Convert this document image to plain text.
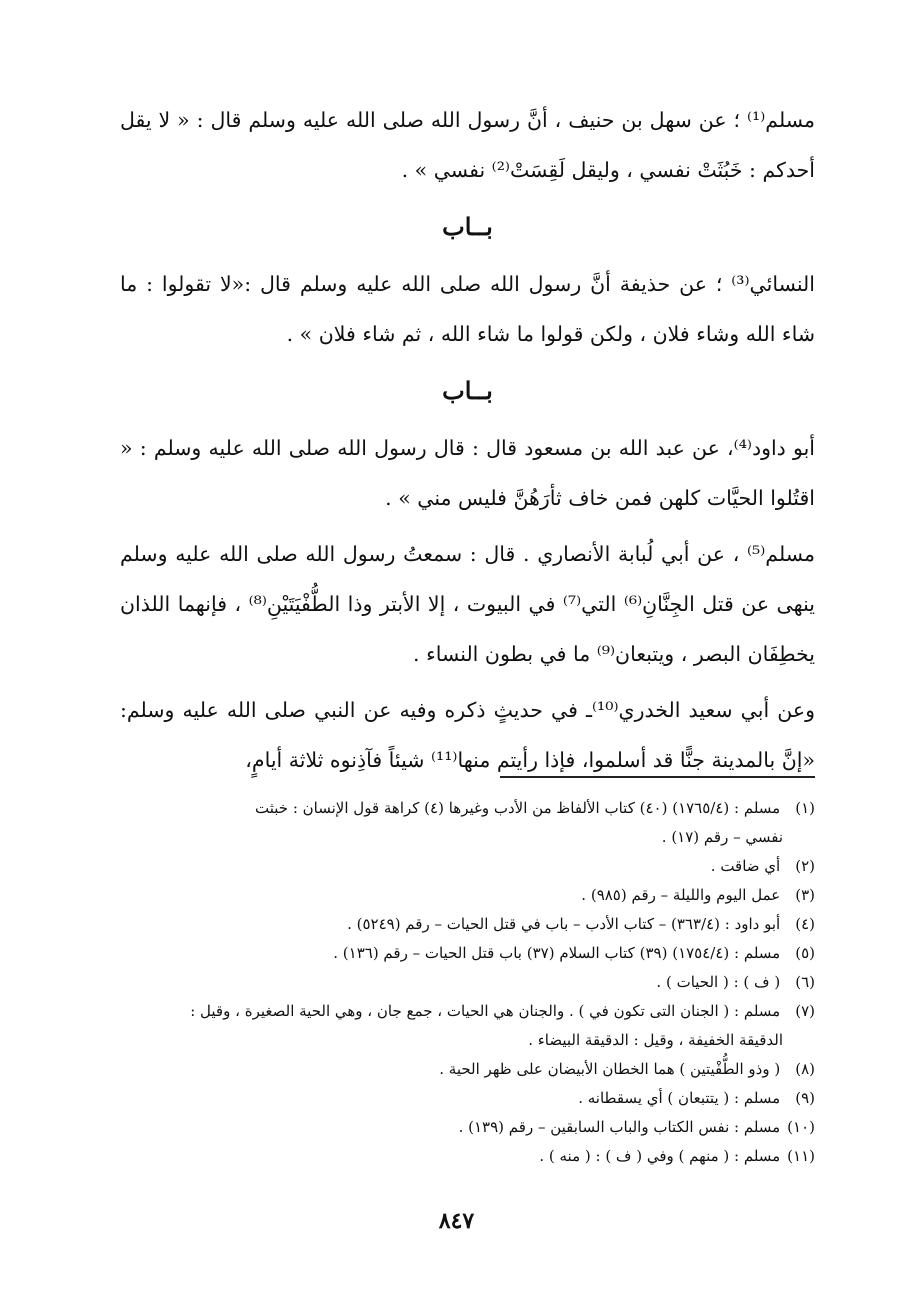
مسلم⁽¹⁾ ؛ عن سهل بن حنيف ، أنَّ رسول الله صلى الله عليه وسلم قال : « لا يقل أحدكم : خَبُثَتْ نفسي ، وليقل لَقِسَتْ⁽²⁾ نفسي » .

بــاب

النسائي⁽³⁾ ؛ عن حذيفة أنَّ رسول الله صلى الله عليه وسلم قال :«لا تقولوا : ما شاء الله وشاء فلان ، ولكن قولوا ما شاء الله ، ثم شاء فلان » .

بــاب

أبو داود⁽⁴⁾، عن عبد الله بن مسعود قال : قال رسول الله صلى الله عليه وسلم : « اقتُلوا الحيَّات كلهن فمن خاف ثأرَهُنَّ فليس مني » .

مسلم⁽⁵⁾ ، عن أبي لُبابة الأنصاري . قال : سمعتُ رسول الله صلى الله عليه وسلم ينهى عن قتل الجِنَّانِ⁽⁶⁾ التي⁽⁷⁾ في البيوت ، إلا الأبتر وذا الطُّفْيَتَيْنِ⁽⁸⁾ ، فإنهما اللذان يخطِفَان البصر ، ويتبعان⁽⁹⁾ ما في بطون النساء .

وعن أبي سعيد الخدري⁽¹⁰⁾ـ في حديثٍ ذكره وفيه عن النبي صلى الله عليه وسلم: «إنَّ بالمدينة جنًّا قد أسلموا، فإذا رأيتم منها⁽¹¹⁾ شيئاً فآذِنوه ثلاثة أيامٍ،

(١) مسلم : (١٧٦٥/٤) (٤٠) كتاب الألفاظ من الأدب وغيرها (٤) كراهة قول الإنسان : خبثت
نفسي – رقم (١٧) .
(٢) أي ضاقت .
(٣) عمل اليوم والليلة – رقم (٩٨٥) .
(٤) أبو داود : (٣٦٣/٤) – كتاب الأدب – باب في قتل الحيات – رقم (٥٢٤٩) .
(٥) مسلم : (١٧٥٤/٤) (٣٩) كتاب السلام (٣٧) باب قتل الحيات – رقم (١٣٦) .
(٦) ( ف ) : ( الحيات ) .
(٧) مسلم : ( الجنان التى تكون في ) . والجنان هي الحيات ، جمع جان ، وهي الحية الصغيرة ، وقيل :
الدقيقة الخفيفة ، وقيل : الدقيقة البيضاء .
(٨) ( وذو الطُّفْيتين ) هما الخطان الأبيضان على ظهر الحية .
(٩) مسلم : ( يتتبعان ) أي يسقطانه .
(١٠) مسلم : نفس الكتاب والباب السابقين – رقم (١٣٩) .
(١١) مسلم : ( منهم ) وفي ( ف ) : ( منه ) .
٨٤٧
